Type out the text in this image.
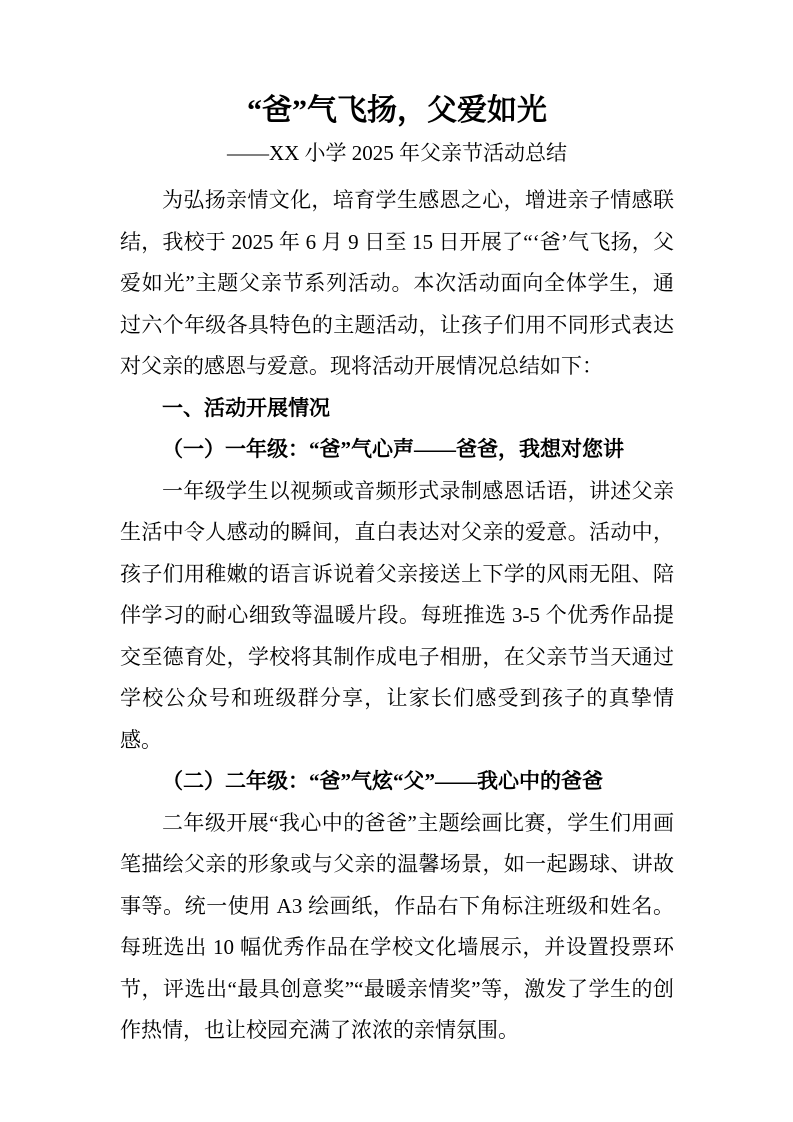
“爸”气飞扬，父爱如光
——XX 小学 2025 年父亲节活动总结

为弘扬亲情文化，培育学生感恩之心，增进亲子情感联结，我校于 2025 年 6 月 9 日至 15 日开展了“‘爸’气飞扬，父爱如光”主题父亲节系列活动。本次活动面向全体学生，通过六个年级各具特色的主题活动，让孩子们用不同形式表达对父亲的感恩与爱意。现将活动开展情况总结如下：

一、活动开展情况
（一）一年级：“爸”气心声——爸爸，我想对您讲

一年级学生以视频或音频形式录制感恩话语，讲述父亲生活中令人感动的瞬间，直白表达对父亲的爱意。活动中，孩子们用稚嫩的语言诉说着父亲接送上下学的风雨无阻、陪伴学习的耐心细致等温暖片段。每班推选 3-5 个优秀作品提交至德育处，学校将其制作成电子相册，在父亲节当天通过学校公众号和班级群分享，让家长们感受到孩子的真挚情感。

（二）二年级：“爸”气炫“父”——我心中的爸爸

二年级开展“我心中的爸爸”主题绘画比赛，学生们用画笔描绘父亲的形象或与父亲的温馨场景，如一起踢球、讲故事等。统一使用 A3 绘画纸，作品右下角标注班级和姓名。每班选出 10 幅优秀作品在学校文化墙展示，并设置投票环节，评选出“最具创意奖”“最暖亲情奖”等，激发了学生的创作热情，也让校园充满了浓浓的亲情氛围。
